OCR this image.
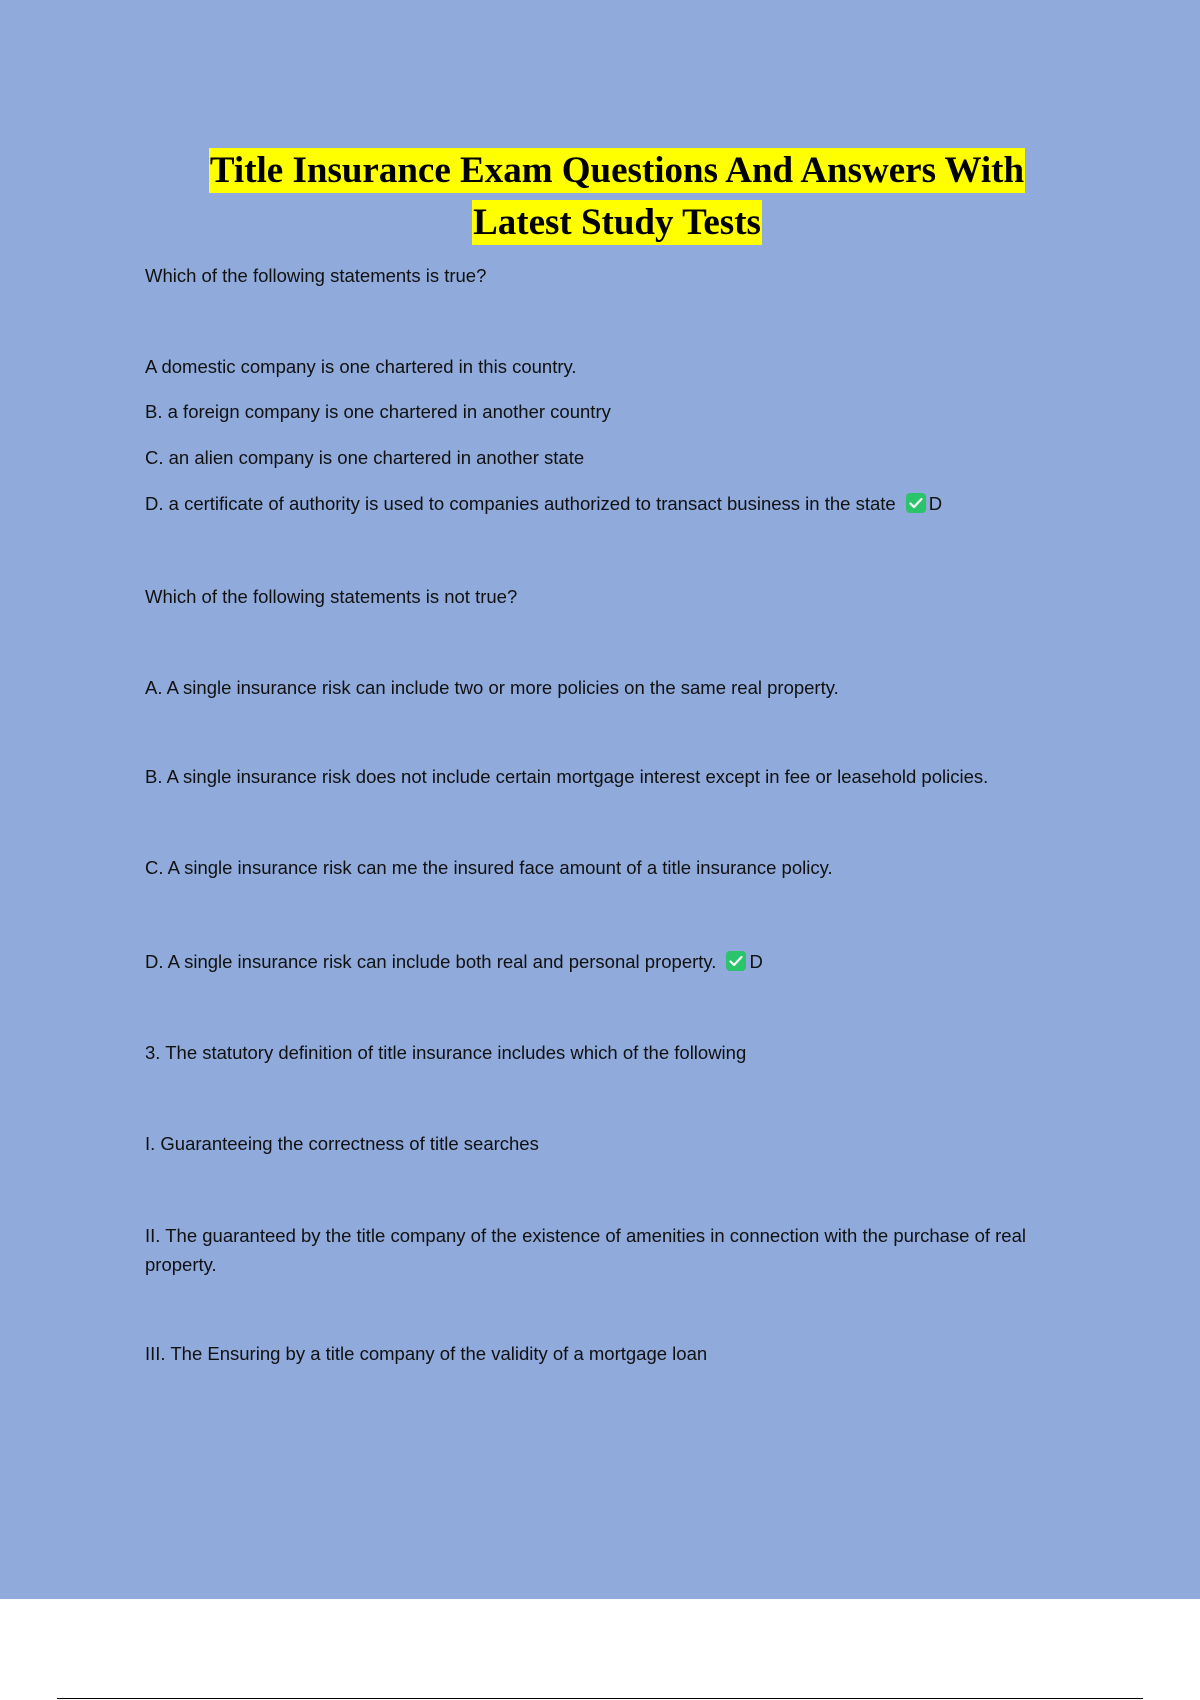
Title Insurance Exam Questions And Answers With
Latest Study Tests
Which of the following statements is true?
A domestic company is one chartered in this country.
B. a foreign company is one chartered in another country
C. an alien company is one chartered in another state
D. a certificate of authority is used to companies authorized to transact business in the state D
Which of the following statements is not true?
A. A single insurance risk can include two or more policies on the same real property.
B. A single insurance risk does not include certain mortgage interest except in fee or leasehold policies.
C. A single insurance risk can me the insured face amount of a title insurance policy.
D. A single insurance risk can include both real and personal property. D
3. The statutory definition of title insurance includes which of the following
I. Guaranteeing the correctness of title searches
II. The guaranteed by the title company of the existence of amenities in connection with the purchase of real property.
III. The Ensuring by a title company of the validity of a mortgage loan
